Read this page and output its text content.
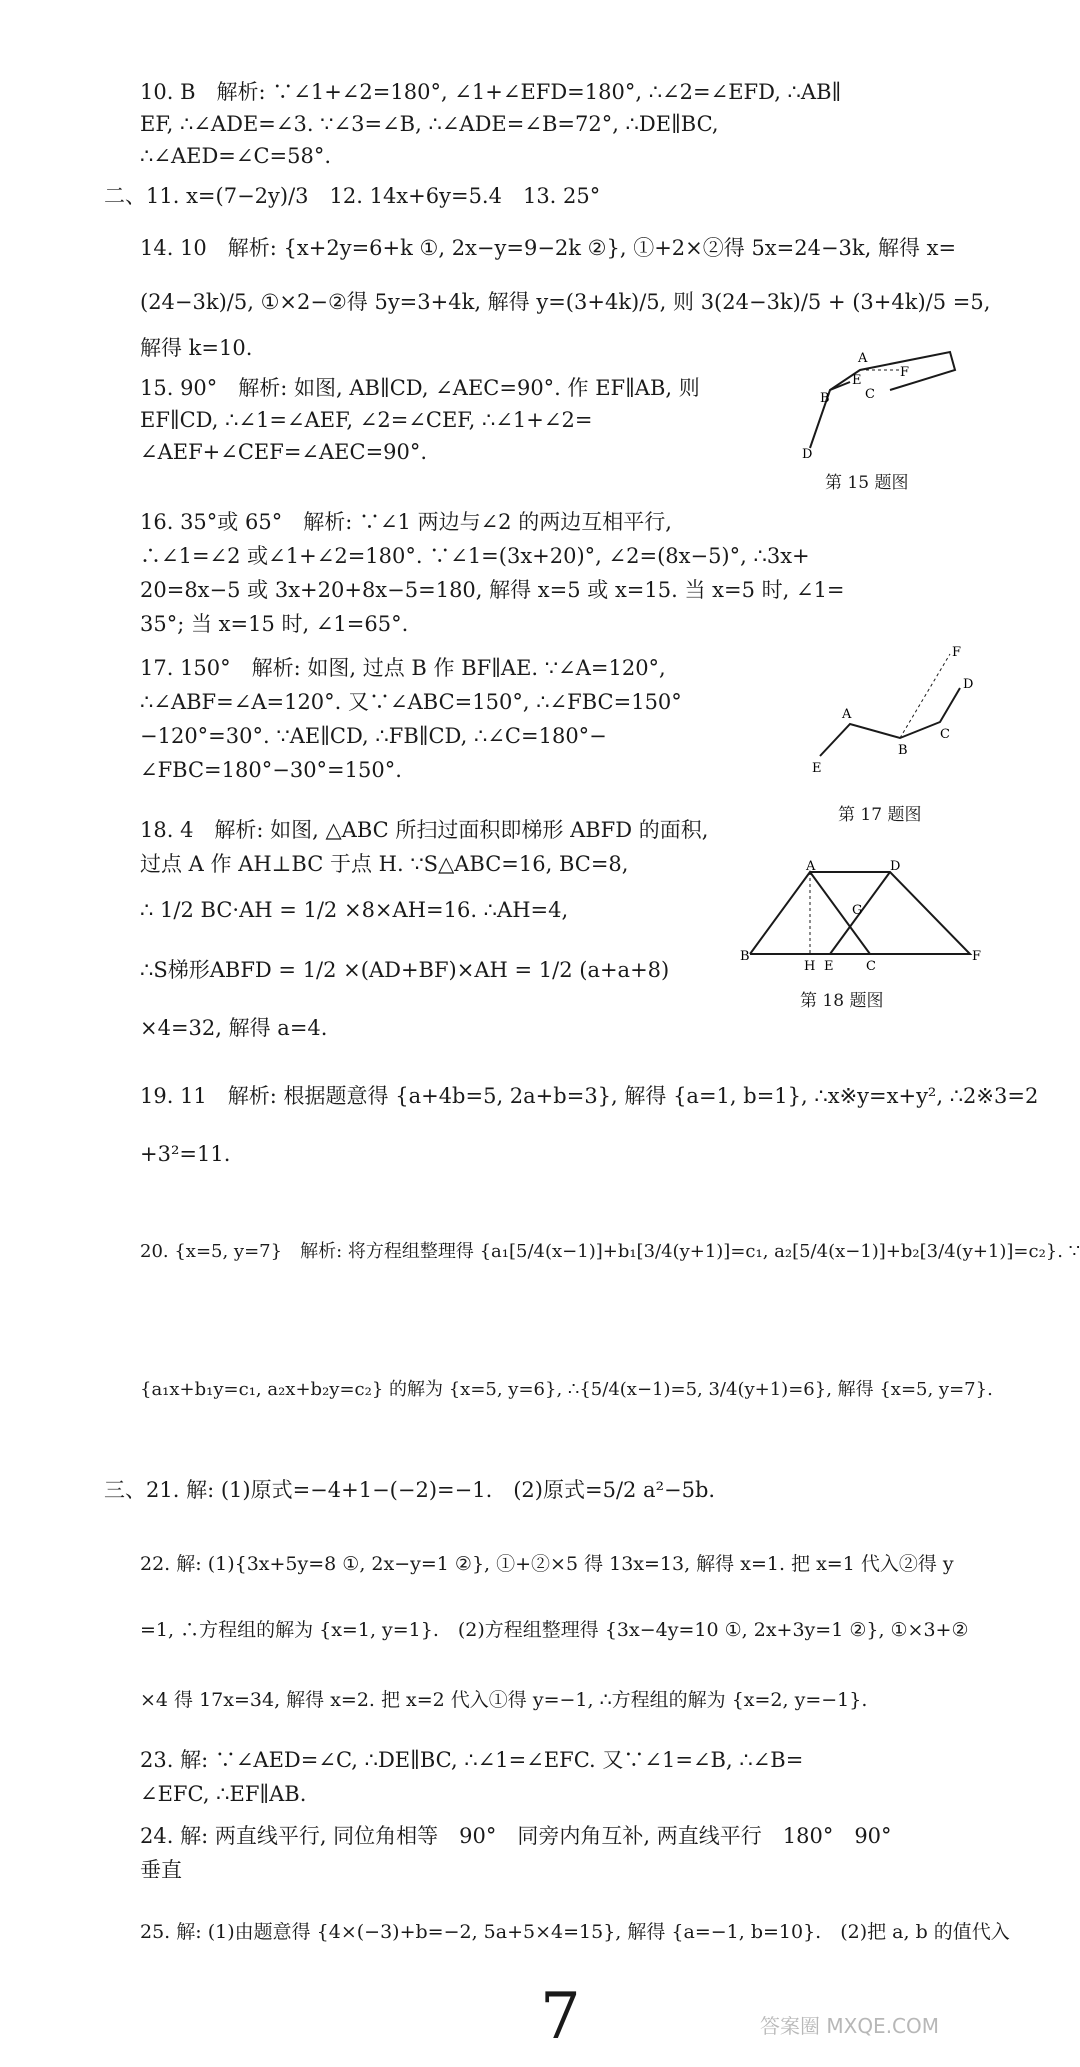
10. B　解析: ∵∠1+∠2=180°, ∠1+∠EFD=180°, ∴∠2=∠EFD, ∴AB∥
EF, ∴∠ADE=∠3. ∵∠3=∠B, ∴∠ADE=∠B=72°, ∴DE∥BC,
∴∠AED=∠C=58°.
二、11. x=(7−2y)/3　12. 14x+6y=5.4　13. 25°
14. 10　解析: {x+2y=6+k ①, 2x−y=9−2k ②}, ①+2×②得 5x=24−3k, 解得 x=
(24−3k)/5, ①×2−②得 5y=3+4k, 解得 y=(3+4k)/5, 则 3(24−3k)/5 + (3+4k)/5 =5,
解得 k=10.
15. 90°　解析: 如图, AB∥CD, ∠AEC=90°. 作 EF∥AB, 则
EF∥CD, ∴∠1=∠AEF, ∠2=∠CEF, ∴∠1+∠2=
∠AEF+∠CEF=∠AEC=90°.
A
B	C
D
E
F
第 15 题图
16. 35°或 65°　解析: ∵∠1 两边与∠2 的两边互相平行,
∴∠1=∠2 或∠1+∠2=180°. ∵∠1=(3x+20)°, ∠2=(8x−5)°, ∴3x+
20=8x−5 或 3x+20+8x−5=180, 解得 x=5 或 x=15. 当 x=5 时, ∠1=
35°; 当 x=15 时, ∠1=65°.
17. 150°　解析: 如图, 过点 B 作 BF∥AE. ∵∠A=120°,
∴∠ABF=∠A=120°. 又∵∠ABC=150°, ∴∠FBC=150°
−120°=30°. ∵AE∥CD, ∴FB∥CD, ∴∠C=180°−
∠FBC=180°−30°=150°.
A
B
C
D
E
F
第 17 题图
18. 4　解析: 如图, △ABC 所扫过面积即梯形 ABFD 的面积,
过点 A 作 AH⊥BC 于点 H. ∵S△ABC=16, BC=8,
∴ 1/2 BC·AH = 1/2 ×8×AH=16. ∴AH=4,
∴S梯形ABFD = 1/2 ×(AD+BF)×AH = 1/2 (a+a+8)
×4=32, 解得 a=4.
A
B
C
D
F
G
H E
第 18 题图
19. 11　解析: 根据题意得 {a+4b=5, 2a+b=3}, 解得 {a=1, b=1}, ∴x※y=x+y², ∴2※3=2
+3²=11.
20. {x=5, y=7}　解析: 将方程组整理得 {a₁[5/4(x−1)]+b₁[3/4(y+1)]=c₁, a₂[5/4(x−1)]+b₂[3/4(y+1)]=c₂}. ∵
{a₁x+b₁y=c₁, a₂x+b₂y=c₂} 的解为 {x=5, y=6}, ∴{5/4(x−1)=5, 3/4(y+1)=6}, 解得 {x=5, y=7}.
三、21. 解: (1)原式=−4+1−(−2)=−1.　(2)原式=5/2 a²−5b.
22. 解: (1){3x+5y=8 ①, 2x−y=1 ②}, ①+②×5 得 13x=13, 解得 x=1. 把 x=1 代入②得 y
=1, ∴方程组的解为 {x=1, y=1}.　(2)方程组整理得 {3x−4y=10 ①, 2x+3y=1 ②}, ①×3+②
×4 得 17x=34, 解得 x=2. 把 x=2 代入①得 y=−1, ∴方程组的解为 {x=2, y=−1}.
23. 解: ∵∠AED=∠C, ∴DE∥BC, ∴∠1=∠EFC. 又∵∠1=∠B, ∴∠B=
∠EFC, ∴EF∥AB.
24. 解: 两直线平行, 同位角相等　90°　同旁内角互补, 两直线平行　180°　90°
垂直
25. 解: (1)由题意得 {4×(−3)+b=−2, 5a+5×4=15}, 解得 {a=−1, b=10}.　(2)把 a, b 的值代入
7	答案圈 MXQE.COM
